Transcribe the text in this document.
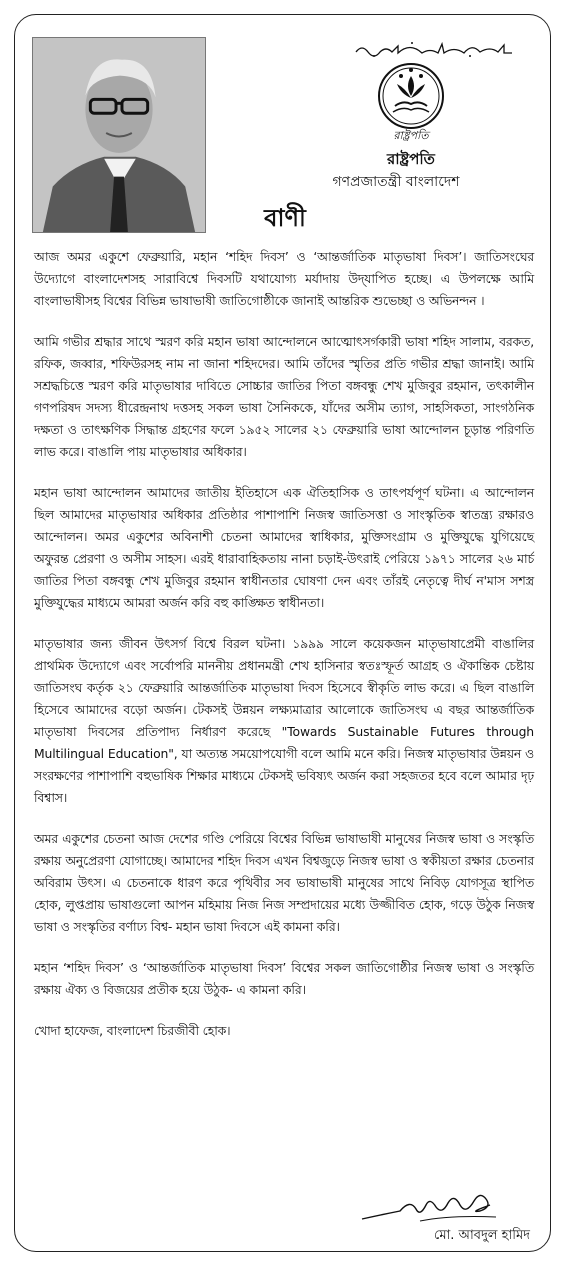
রাষ্ট্রপতি
রাষ্ট্রপতি
গণপ্রজাতন্ত্রী বাংলাদেশ
বাণী

আজ অমর একুশে ফেব্রুয়ারি, মহান ‘শহিদ দিবস’ ও ‘আন্তর্জাতিক মাতৃভাষা দিবস’। জাতিসংঘের উদ্যোগে বাংলাদেশসহ সারাবিশ্বে দিবসটি যথাযোগ্য মর্যাদায় উদ্‌যাপিত হচ্ছে। এ উপলক্ষে আমি বাংলাভাষীসহ বিশ্বের বিভিন্ন ভাষাভাষী জাতিগোষ্ঠীকে জানাই আন্তরিক শুভেচ্ছা ও অভিনন্দন ।

আমি গভীর শ্রদ্ধার সাথে স্মরণ করি মহান ভাষা আন্দোলনে আত্মোৎসর্গকারী ভাষা শহিদ সালাম, বরকত, রফিক, জব্বার, শফিউরসহ নাম না জানা শহিদদের। আমি তাঁদের স্মৃতির প্রতি গভীর শ্রদ্ধা জানাই। আমি সশ্রদ্ধচিত্তে স্মরণ করি মাতৃভাষার দাবিতে সোচ্চার জাতির পিতা বঙ্গবন্ধু শেখ মুজিবুর রহমান, তৎকালীন গণপরিষদ সদস্য ধীরেন্দ্রনাথ দত্তসহ সকল ভাষা সৈনিককে, যাঁদের অসীম ত্যাগ, সাহসিকতা, সাংগঠনিক দক্ষতা ও তাৎক্ষণিক সিদ্ধান্ত গ্রহণের ফলে ১৯৫২ সালের ২১ ফেব্রুয়ারি ভাষা আন্দোলন চূড়ান্ত পরিণতি লাভ করে। বাঙালি পায় মাতৃভাষার অধিকার।

মহান ভাষা আন্দোলন আমাদের জাতীয় ইতিহাসে এক ঐতিহাসিক ও তাৎপর্যপূর্ণ ঘটনা। এ আন্দোলন ছিল আমাদের মাতৃভাষার অধিকার প্রতিষ্ঠার পাশাপাশি নিজস্ব জাতিসত্তা ও সাংস্কৃতিক স্বাতন্ত্র্য রক্ষারও আন্দোলন। অমর একুশের অবিনাশী চেতনা আমাদের স্বাধিকার, মুক্তিসংগ্রাম ও মুক্তিযুদ্ধে যুগিয়েছে অফুরন্ত প্রেরণা ও অসীম সাহস। এরই ধারাবাহিকতায় নানা চড়াই-উৎরাই পেরিয়ে ১৯৭১ সালের ২৬ মার্চ জাতির পিতা বঙ্গবন্ধু শেখ মুজিবুর রহমান স্বাধীনতার ঘোষণা দেন এবং তাঁরই নেতৃত্বে দীর্ঘ ন'মাস সশস্ত্র মুক্তিযুদ্ধের মাধ্যমে আমরা অর্জন করি বহু কাঙ্ক্ষিত স্বাধীনতা।

মাতৃভাষার জন্য জীবন উৎসর্গ বিশ্বে বিরল ঘটনা। ১৯৯৯ সালে কয়েকজন মাতৃভাষাপ্রেমী বাঙালির প্রাথমিক উদ্যোগে এবং সর্বোপরি মাননীয় প্রধানমন্ত্রী শেখ হাসিনার স্বতঃস্ফূর্ত আগ্রহ ও ঐকান্তিক চেষ্টায় জাতিসংঘ কর্তৃক ২১ ফেব্রুয়ারি আন্তর্জাতিক মাতৃভাষা দিবস হিসেবে স্বীকৃতি লাভ করে। এ ছিল বাঙালি হিসেবে আমাদের বড়ো অর্জন। টেকসই উন্নয়ন লক্ষ্যমাত্রার আলোকে জাতিসংঘ এ বছর আন্তর্জাতিক মাতৃভাষা দিবসের প্রতিপাদ্য নির্ধারণ করেছে "Towards Sustainable Futures through Multilingual Education", যা অত্যন্ত সময়োপযোগী বলে আমি মনে করি। নিজস্ব মাতৃভাষার উন্নয়ন ও সংরক্ষণের পাশাপাশি বহুভাষিক শিক্ষার মাধ্যমে টেকসই ভবিষ্যৎ অর্জন করা সহজতর হবে বলে আমার দৃঢ় বিশ্বাস।

অমর একুশের চেতনা আজ দেশের গণ্ডি পেরিয়ে বিশ্বের বিভিন্ন ভাষাভাষী মানুষের নিজস্ব ভাষা ও সংস্কৃতি রক্ষায় অনুপ্রেরণা যোগাচ্ছে। আমাদের শহিদ দিবস এখন বিশ্বজুড়ে নিজস্ব ভাষা ও স্বকীয়তা রক্ষার চেতনার অবিরাম উৎস। এ চেতনাকে ধারণ করে পৃথিবীর সব ভাষাভাষী মানুষের সাথে নিবিড় যোগসূত্র স্থাপিত হোক, লুপ্তপ্রায় ভাষাগুলো আপন মহিমায় নিজ নিজ সম্প্রদায়ের মধ্যে উজ্জীবিত হোক, গড়ে উঠুক নিজস্ব ভাষা ও সংস্কৃতির বর্ণাঢ্য বিশ্ব- মহান ভাষা দিবসে এই কামনা করি।

মহান ‘শহিদ দিবস’ ও ‘আন্তর্জাতিক মাতৃভাষা দিবস’ বিশ্বের সকল জাতিগোষ্ঠীর নিজস্ব ভাষা ও সংস্কৃতি রক্ষায় ঐক্য ও বিজয়ের প্রতীক হয়ে উঠুক- এ কামনা করি।

খোদা হাফেজ, বাংলাদেশ চিরজীবী হোক।

মো. আবদুল হামিদ
